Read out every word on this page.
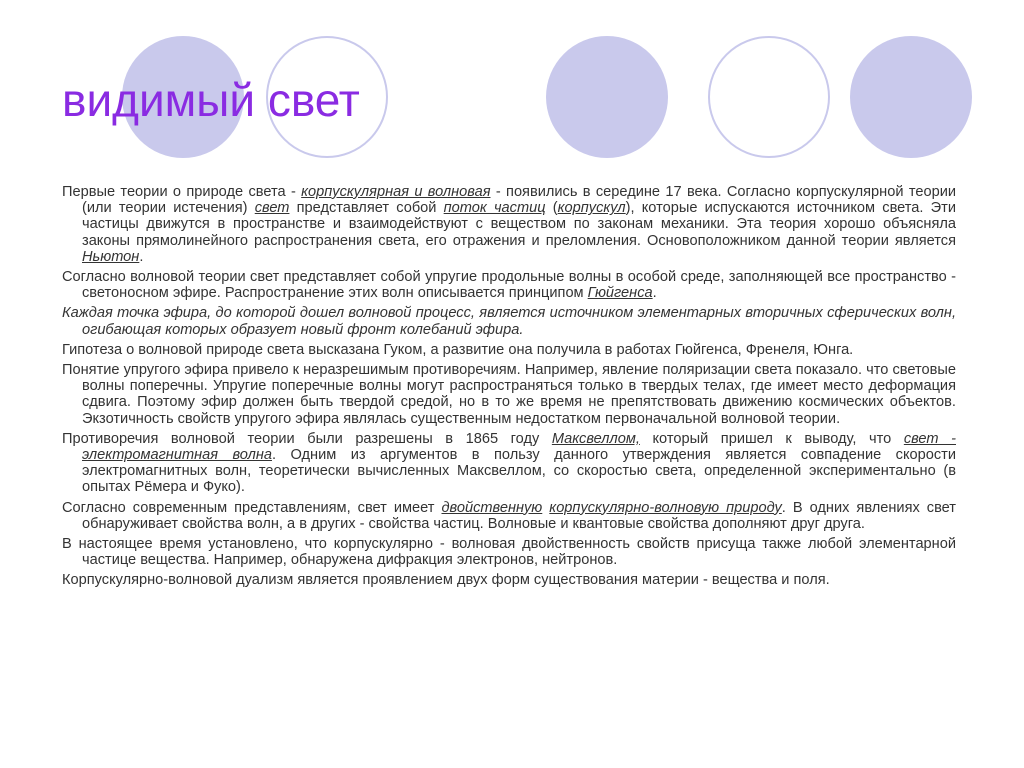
видимый свет

Первые теории о природе света - корпускулярная и волновая - появились в середине 17 века. Согласно корпускулярной теории (или теории истечения) свет представляет собой поток частиц (корпускул), которые испускаются источником света. Эти частицы движутся в пространстве и взаимодействуют с веществом по законам механики. Эта теория хорошо объясняла законы прямолинейного распространения света, его отражения и преломления. Основоположником данной теории является Ньютон.

Согласно волновой теории свет представляет собой упругие продольные волны в особой среде, заполняющей все пространство - светоносном эфире. Распространение этих волн описывается принципом Гюйгенса.

Каждая точка эфира, до которой дошел волновой процесс, является источником элементарных вторичных сферических волн, огибающая которых образует новый фронт колебаний эфира.

Гипотеза о волновой природе света высказана Гуком, а развитие она получила в работах Гюйгенса, Френеля, Юнга.

Понятие упругого эфира привело к неразрешимым противоречиям. Например, явление поляризации света показало. что световые волны поперечны. Упругие поперечные волны могут распространяться только в твердых телах, где имеет место деформация сдвига. Поэтому эфир должен быть твердой средой, но в то же время не препятствовать движению космических объектов. Экзотичность свойств упругого эфира являлась существенным недостатком первоначальной волновой теории.

Противоречия волновой теории были разрешены в 1865 году Максвеллом, который пришел к выводу, что свет - электромагнитная волна. Одним из аргументов в пользу данного утверждения является совпадение скорости электромагнитных волн, теоретически вычисленных Максвеллом, со скоростью света, определенной экспериментально (в опытах Рёмера и Фуко).

Согласно современным представлениям, свет имеет двойственную корпускулярно-волновую природу. В одних явлениях свет обнаруживает свойства волн, а в других - свойства частиц. Волновые и квантовые свойства дополняют друг друга.

В настоящее время установлено, что корпускулярно - волновая двойственность свойств присуща также любой элементарной частице вещества. Например, обнаружена дифракция электронов, нейтронов.

Корпускулярно-волновой дуализм является проявлением двух форм существования материи - вещества и поля.
